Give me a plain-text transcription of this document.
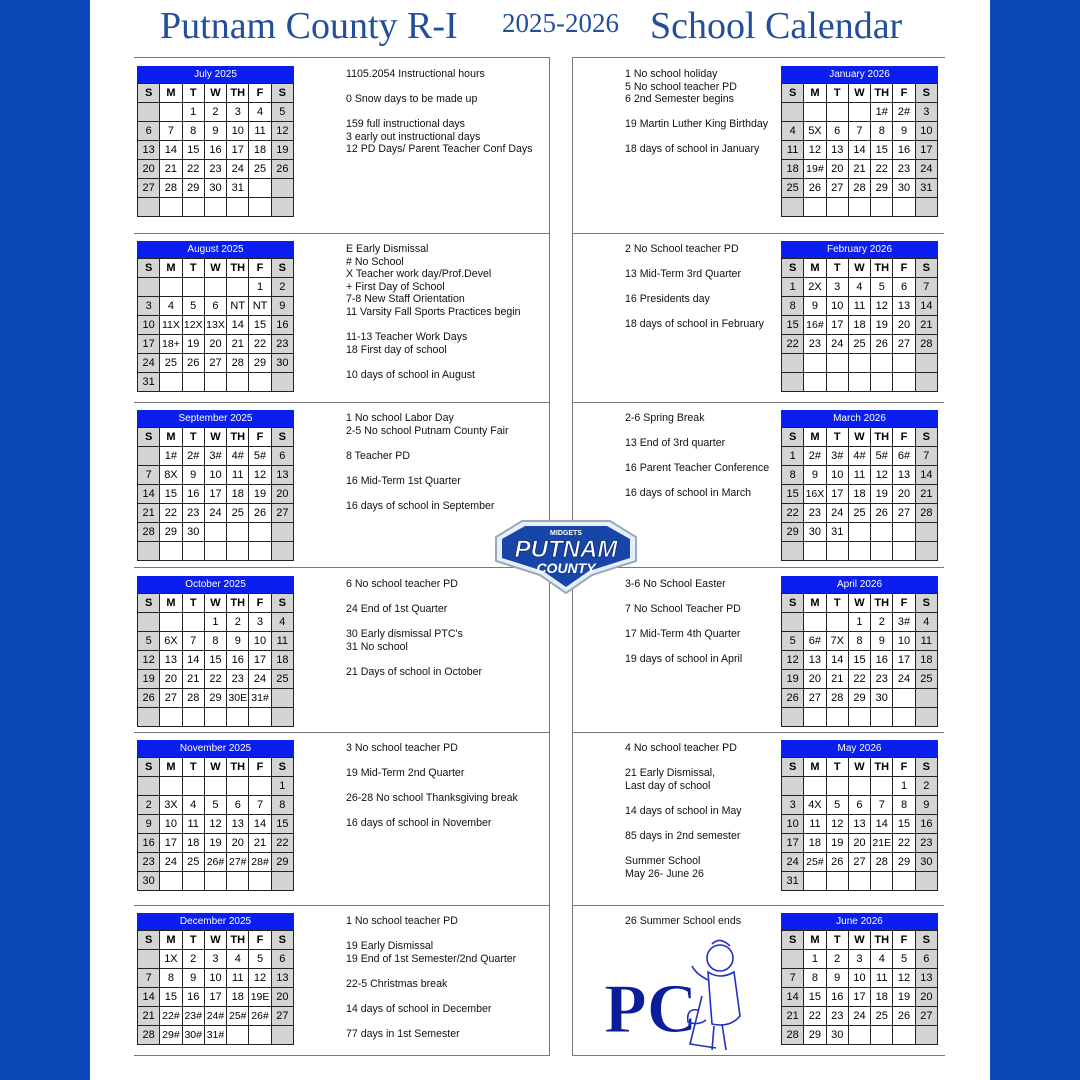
Putnam County R-I 2025-2026 School Calendar
July 2025
S	M	T	W	TH	F	S
		1	2	3	4	5
6	7	8	9	10	11	12
13	14	15	16	17	18	19
20	21	22	23	24	25	26
27	28	29	30	31		

1105.2054 Instructional hours
0 Snow days to be made up
159 full instructional days
3 early out instructional days
12 PD Days/ Parent Teacher Conf Days
August 2025
S	M	T	W	TH	F	S
					1	2
3	4	5	6	NT	NT	9
10	11X	12X	13X	14	15	16
17	18+	19	20	21	22	23
24	25	26	27	28	29	30
31						
E Early Dismissal
# No School
X Teacher work day/Prof.Devel
+ First Day of School
7-8 New Staff Orientation
11 Varsity Fall Sports Practices begin
11-13 Teacher Work Days
18 First day of school
10 days of school in August
September 2025
S	M	T	W	TH	F	S
	1#	2#	3#	4#	5#	6
7	8X	9	10	11	12	13
14	15	16	17	18	19	20
21	22	23	24	25	26	27
28	29	30				

1 No school Labor Day
2-5 No school Putnam County Fair
8 Teacher PD
16 Mid-Term 1st Quarter
16 days of school in September
October 2025
S	M	T	W	TH	F	S
			1	2	3	4
5	6X	7	8	9	10	11
12	13	14	15	16	17	18
19	20	21	22	23	24	25
26	27	28	29	30E	31#	

6 No school teacher PD
24 End of 1st Quarter
30 Early dismissal PTC's
31 No school
21 Days of school in October
November 2025
S	M	T	W	TH	F	S
						1
2	3X	4	5	6	7	8
9	10	11	12	13	14	15
16	17	18	19	20	21	22
23	24	25	26#	27#	28#	29
30						
3 No school teacher PD
19 Mid-Term 2nd Quarter
26-28 No school Thanksgiving break
16 days of school in November
December 2025
S	M	T	W	TH	F	S
	1X	2	3	4	5	6
7	8	9	10	11	12	13
14	15	16	17	18	19E	20
21	22#	23#	24#	25#	26#	27
28	29#	30#	31#			
1 No school teacher PD
19 Early Dismissal
19 End of 1st Semester/2nd Quarter
22-5 Christmas break
14 days of school in December
77 days in 1st Semester
January 2026
S	M	T	W	TH	F	S
				1#	2#	3
4	5X	6	7	8	9	10
11	12	13	14	15	16	17
18	19#	20	21	22	23	24
25	26	27	28	29	30	31

1 No school holiday
5 No school teacher PD
6 2nd Semester begins
19 Martin Luther King Birthday
18 days of school in January
February 2026
S	M	T	W	TH	F	S
1	2X	3	4	5	6	7
8	9	10	11	12	13	14
15	16#	17	18	19	20	21
22	23	24	25	26	27	28

2 No School teacher PD
13 Mid-Term 3rd Quarter
16 Presidents day
18 days of school in February
March 2026
S	M	T	W	TH	F	S
1	2#	3#	4#	5#	6#	7
8	9	10	11	12	13	14
15	16X	17	18	19	20	21
22	23	24	25	26	27	28
29	30	31				

2-6 Spring Break
13 End of 3rd quarter
16 Parent Teacher Conference
16 days of school in March
April 2026
S	M	T	W	TH	F	S
			1	2	3#	4
5	6#	7X	8	9	10	11
12	13	14	15	16	17	18
19	20	21	22	23	24	25
26	27	28	29	30		

3-6 No School Easter
7 No School Teacher PD
17 Mid-Term 4th Quarter
19 days of school in April
May 2026
S	M	T	W	TH	F	S
					1	2
3	4X	5	6	7	8	9
10	11	12	13	14	15	16
17	18	19	20	21E	22	23
24	25#	26	27	28	29	30
31						
4 No school teacher PD
21 Early Dismissal,
Last day of school
14 days of school in May
85 days in 2nd semester
Summer School
May 26- June 26
June 2026
S	M	T	W	TH	F	S
	1	2	3	4	5	6
7	8	9	10	11	12	13
14	15	16	17	18	19	20
21	22	23	24	25	26	27
28	29	30				
26 Summer School ends
MIDGETS
PUTNAM
COUNTY
PC
